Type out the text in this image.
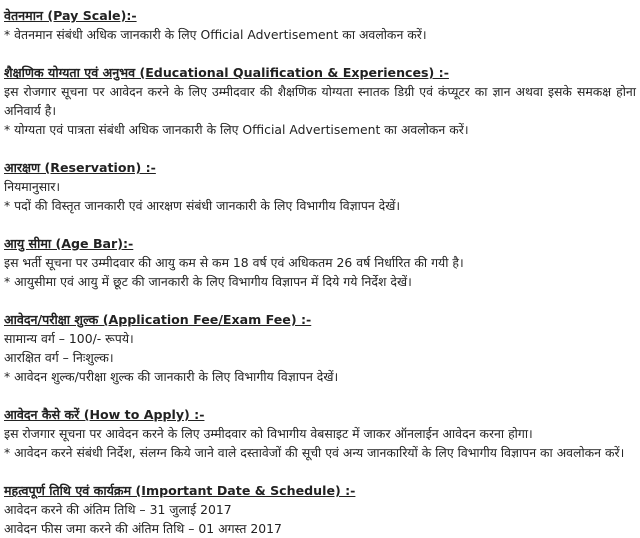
वेतनमान (Pay Scale):-
* वेतनमान संबंधी अधिक जानकारी के लिए Official Advertisement का अवलोकन करें।
शैक्षणिक योग्यता एवं अनुभव (Educational Qualification & Experiences) :-
इस रोजगार सूचना पर आवेदन करने के लिए उम्मीदवार की शैक्षणिक योग्यता स्नातक डिग्री एवं कंप्यूटर का ज्ञान अथवा इसके समकक्ष होना अनिवार्य है।
* योग्यता एवं पात्रता संबंधी अधिक जानकारी के लिए Official Advertisement का अवलोकन करें।
आरक्षण (Reservation) :-
नियमानुसार।
* पदों की विस्तृत जानकारी एवं आरक्षण संबंधी जानकारी के लिए विभागीय विज्ञापन देखें।
आयु सीमा (Age Bar):-
इस भर्ती सूचना पर उम्मीदवार की आयु कम से कम 18 वर्ष एवं अधिकतम 26 वर्ष निर्धारित की गयी है।
* आयुसीमा एवं आयु में छूट की जानकारी के लिए विभागीय विज्ञापन में दिये गये निर्देश देखें।
आवेदन/परीक्षा शुल्क (Application Fee/Exam Fee) :-
सामान्य वर्ग – 100/- रूपये।
आरक्षित वर्ग – निःशुल्क।
* आवेदन शुल्क/परीक्षा शुल्क की जानकारी के लिए विभागीय विज्ञापन देखें।
आवेदन कैसे करें (How to Apply) :-
इस रोजगार सूचना पर आवेदन करने के लिए उम्मीदवार को विभागीय वेबसाइट में जाकर ऑनलाईन आवेदन करना होगा।
* आवेदन करने संबंधी निर्देश, संलग्न किये जाने वाले दस्तावेजों की सूची एवं अन्य जानकारियों के लिए विभागीय विज्ञापन का अवलोकन करें।
महत्वपूर्ण तिथि एवं कार्यक्रम (Important Date & Schedule) :-
आवेदन करने की अंतिम तिथि – 31 जुलाई 2017
आवेदन फीस जमा करने की अंतिम तिथि – 01 अगस्त 2017
